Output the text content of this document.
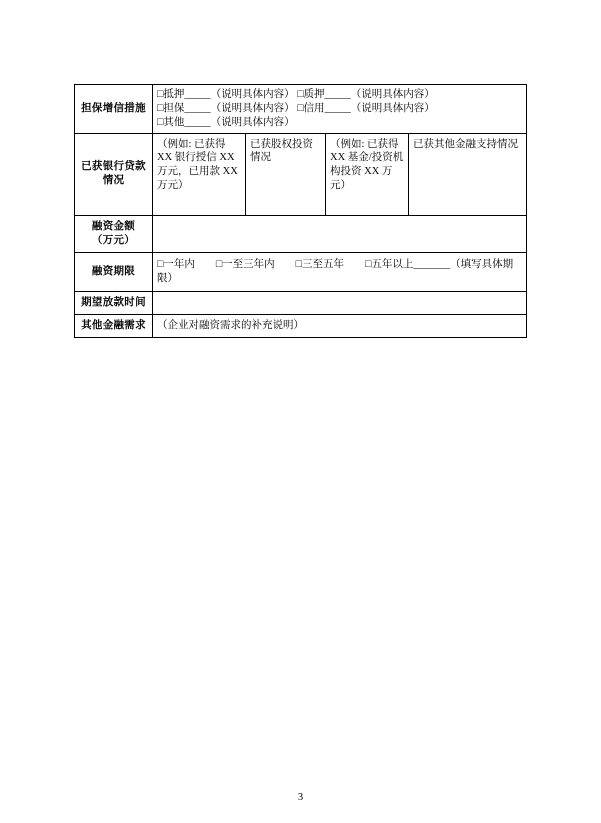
担保增信措施	□抵押_____（说明具体内容） □质押_____（说明具体内容）
□担保_____（说明具体内容） □信用_____（说明具体内容）
□其他_____（说明具体内容）			

已获银行贷款
情况	（例如: 已获得 XX 银行授信 XX 万元，已用款 XX 万元）	已获股权投资情况	（例如: 已获得 XX 基金/投资机构投资 XX 万元）	已获其他金融支持情况

融资金额
（万元）				

融资期限	□一年内　　□一至三年内　　□三至五年　　□五年以上_______（填写具体期限）			
期望放款时间				
其他金融需求	（企业对融资需求的补充说明）			
3
